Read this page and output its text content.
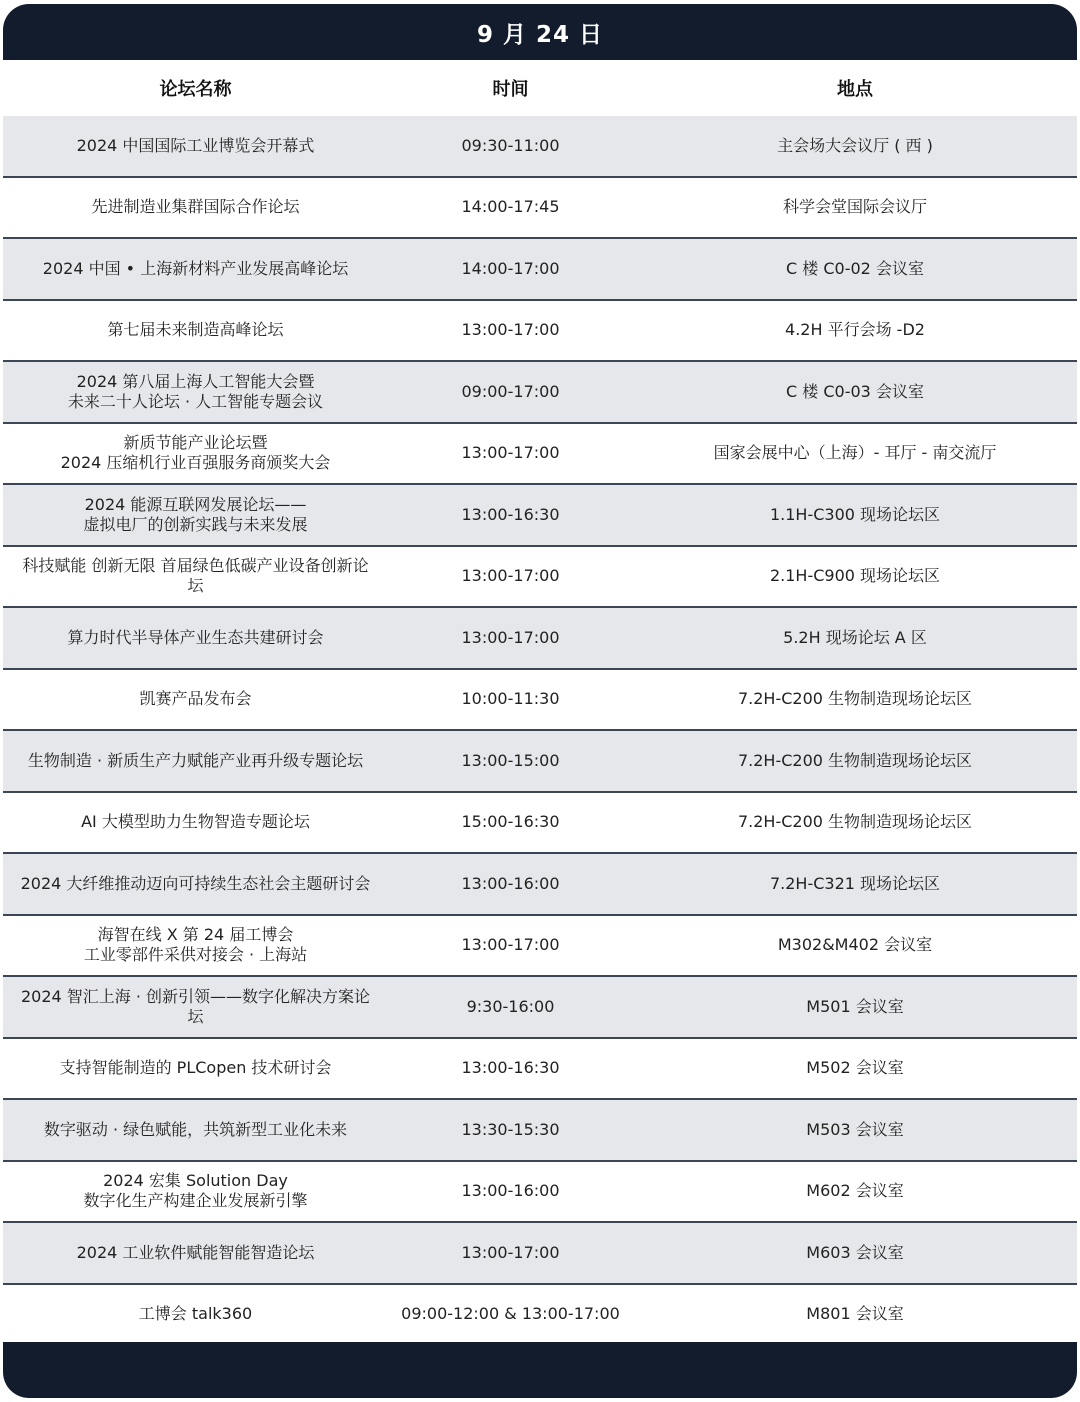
9 月 24 日
论坛名称	时间	地点
2024 中国国际工业博览会开幕式	09:30-11:00	主会场大会议厅 ( 西 )
先进制造业集群国际合作论坛	14:00-17:45	科学会堂国际会议厅
2024 中国 • 上海新材料产业发展高峰论坛	14:00-17:00	C 楼 C0-02 会议室
第七届未来制造高峰论坛	13:00-17:00	4.2H 平行会场 -D2
2024 第八届上海人工智能大会暨
未来二十人论坛 · 人工智能专题会议
09:00-17:00	C 楼 C0-03 会议室
新质节能产业论坛暨
2024 压缩机行业百强服务商颁奖大会
13:00-17:00	国家会展中心（上海）- 耳厅 - 南交流厅
2024 能源互联网发展论坛——
虚拟电厂的创新实践与未来发展
13:00-16:30	1.1H-C300 现场论坛区
科技赋能 创新无限 首届绿色低碳产业设备创新论
坛
13:00-17:00	2.1H-C900 现场论坛区
算力时代半导体产业生态共建研讨会	13:00-17:00	5.2H 现场论坛 A 区
凯赛产品发布会	10:00-11:30	7.2H-C200 生物制造现场论坛区
生物制造 · 新质生产力赋能产业再升级专题论坛	13:00-15:00	7.2H-C200 生物制造现场论坛区
AI 大模型助力生物智造专题论坛	15:00-16:30	7.2H-C200 生物制造现场论坛区
2024 大纤维推动迈向可持续生态社会主题研讨会	13:00-16:00	7.2H-C321 现场论坛区
海智在线 X 第 24 届工博会
工业零部件采供对接会 · 上海站
13:00-17:00	M302&M402 会议室
2024 智汇上海 · 创新引领——数字化解决方案论
坛
9:30-16:00	M501 会议室
支持智能制造的 PLCopen 技术研讨会	13:00-16:30	M502 会议室
数字驱动 · 绿色赋能，共筑新型工业化未来	13:30-15:30	M503 会议室
2024 宏集 Solution Day
数字化生产构建企业发展新引擎
13:00-16:00	M602 会议室
2024 工业软件赋能智能智造论坛	13:00-17:00	M603 会议室
工博会 talk360	09:00-12:00 & 13:00-17:00	M801 会议室
